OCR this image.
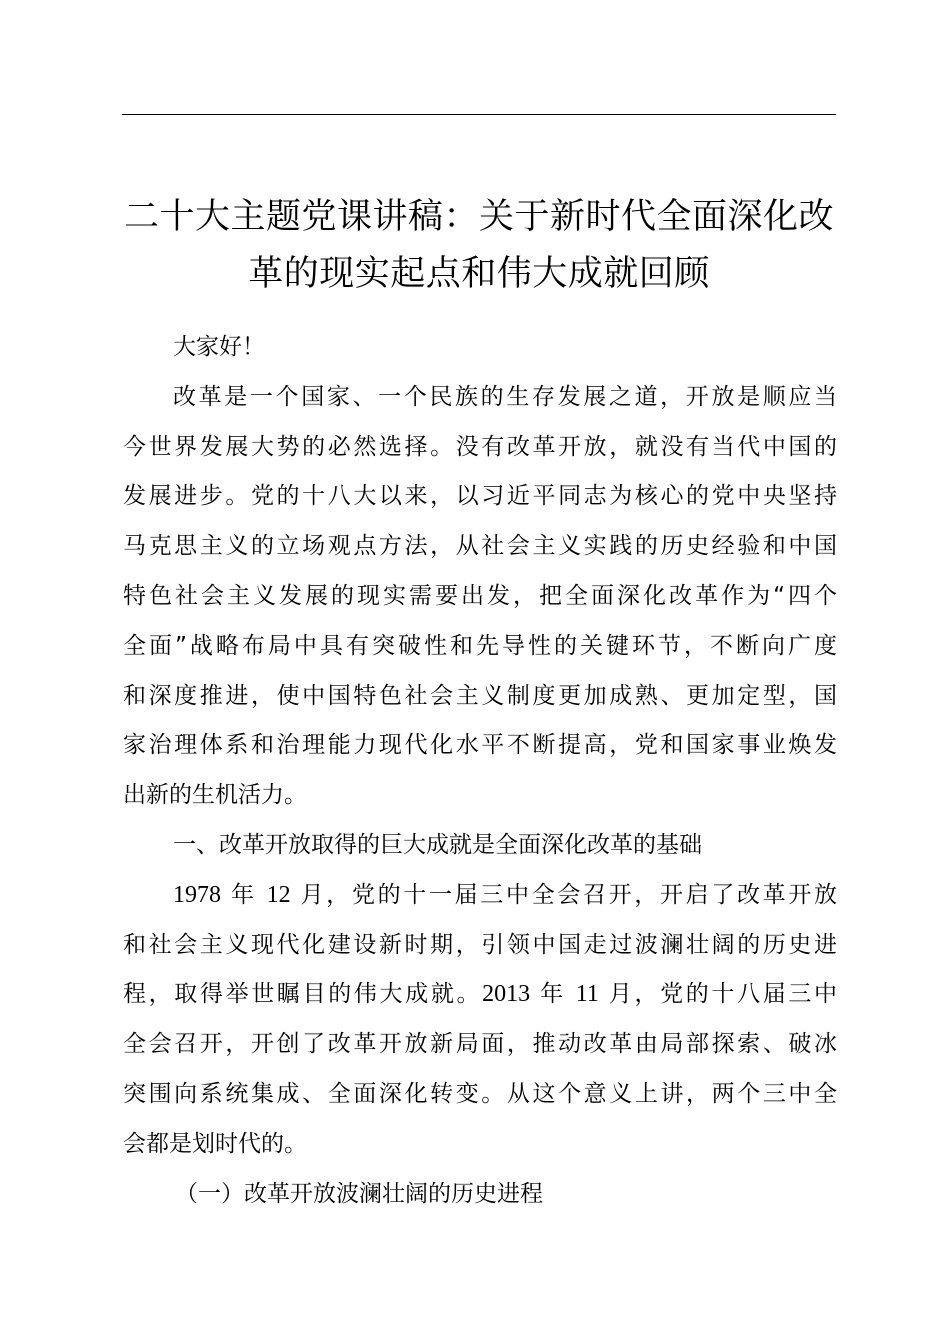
二十大主题党课讲稿：关于新时代全面深化改
革的现实起点和伟大成就回顾

大家好！

改革是一个国家、一个民族的生存发展之道，开放是顺应当
今世界发展大势的必然选择。没有改革开放，就没有当代中国的
发展进步。党的十八大以来，以习近平同志为核心的党中央坚持
马克思主义的立场观点方法，从社会主义实践的历史经验和中国
特色社会主义发展的现实需要出发，把全面深化改革作为“四个
全面”战略布局中具有突破性和先导性的关键环节，不断向广度
和深度推进，使中国特色社会主义制度更加成熟、更加定型，国
家治理体系和治理能力现代化水平不断提高，党和国家事业焕发
出新的生机活力。

一、改革开放取得的巨大成就是全面深化改革的基础

1978 年 12 月，党的十一届三中全会召开，开启了改革开放
和社会主义现代化建设新时期，引领中国走过波澜壮阔的历史进
程，取得举世瞩目的伟大成就。2013 年 11 月，党的十八届三中
全会召开，开创了改革开放新局面，推动改革由局部探索、破冰
突围向系统集成、全面深化转变。从这个意义上讲，两个三中全
会都是划时代的。

（一）改革开放波澜壮阔的历史进程
